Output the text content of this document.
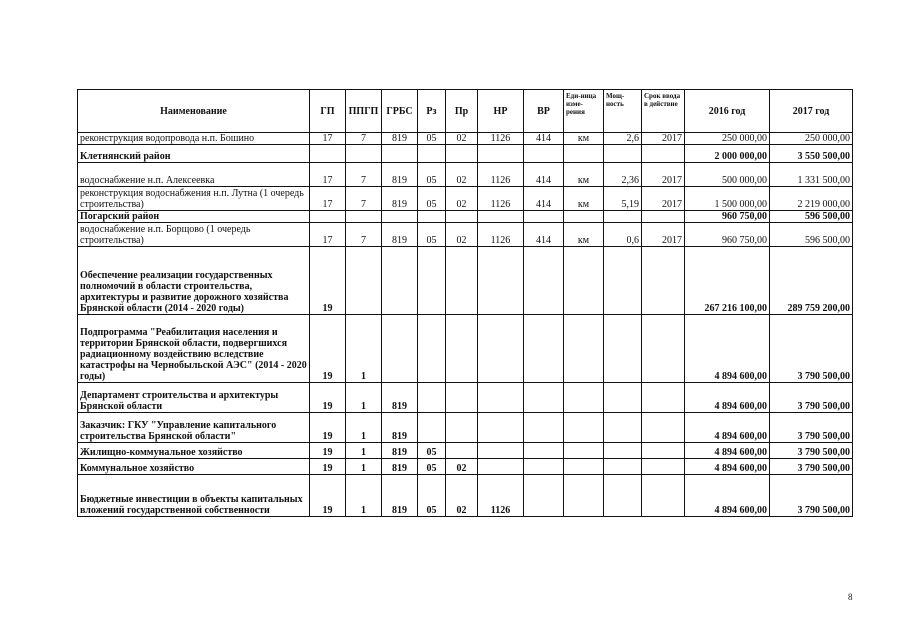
Наименование	ГП	ППГП	ГРБС	Рз	Пр	НР	ВР	Еди-ница изме-рения	Мощ-ность	Срок ввода в действие	2016 год	2017 год
реконструкция водопровода н.п. Бошино	17	7	819	05	02	1126	414	км	2,6	2017	250 000,00	250 000,00
Клетнянский район											2 000 000,00	3 550 500,00
водоснабжение н.п. Алексеевка	17	7	819	05	02	1126	414	км	2,36	2017	500 000,00	1 331 500,00
реконструкция водоснабжения н.п. Лутна (1 очередь строительства)	17	7	819	05	02	1126	414	км	5,19	2017	1 500 000,00	2 219 000,00
Погарский район											960 750,00	596 500,00
водоснабжение н.п. Борщово (1 очередь строительства)	17	7	819	05	02	1126	414	км	0,6	2017	960 750,00	596 500,00
Обеспечение реализации государственных полномочий в области строительства, архитектуры и развитие дорожного хозяйства Брянской области (2014 - 2020 годы)	19										267 216 100,00	289 759 200,00
Подпрограмма "Реабилитация населения и территории Брянской области, подвергшихся радиационному воздействию вследствие катастрофы на Чернобыльской АЭС" (2014 - 2020 годы)	19	1									4 894 600,00	3 790 500,00
Департамент строительства и архитектуры Брянской области	19	1	819								4 894 600,00	3 790 500,00
Заказчик: ГКУ "Управление капитального строительства Брянской области"	19	1	819								4 894 600,00	3 790 500,00
Жилищно-коммунальное хозяйство	19	1	819	05							4 894 600,00	3 790 500,00
Коммунальное хозяйство	19	1	819	05	02						4 894 600,00	3 790 500,00
Бюджетные инвестиции в объекты капитальных вложений государственной собственности	19	1	819	05	02	1126					4 894 600,00	3 790 500,00
8
